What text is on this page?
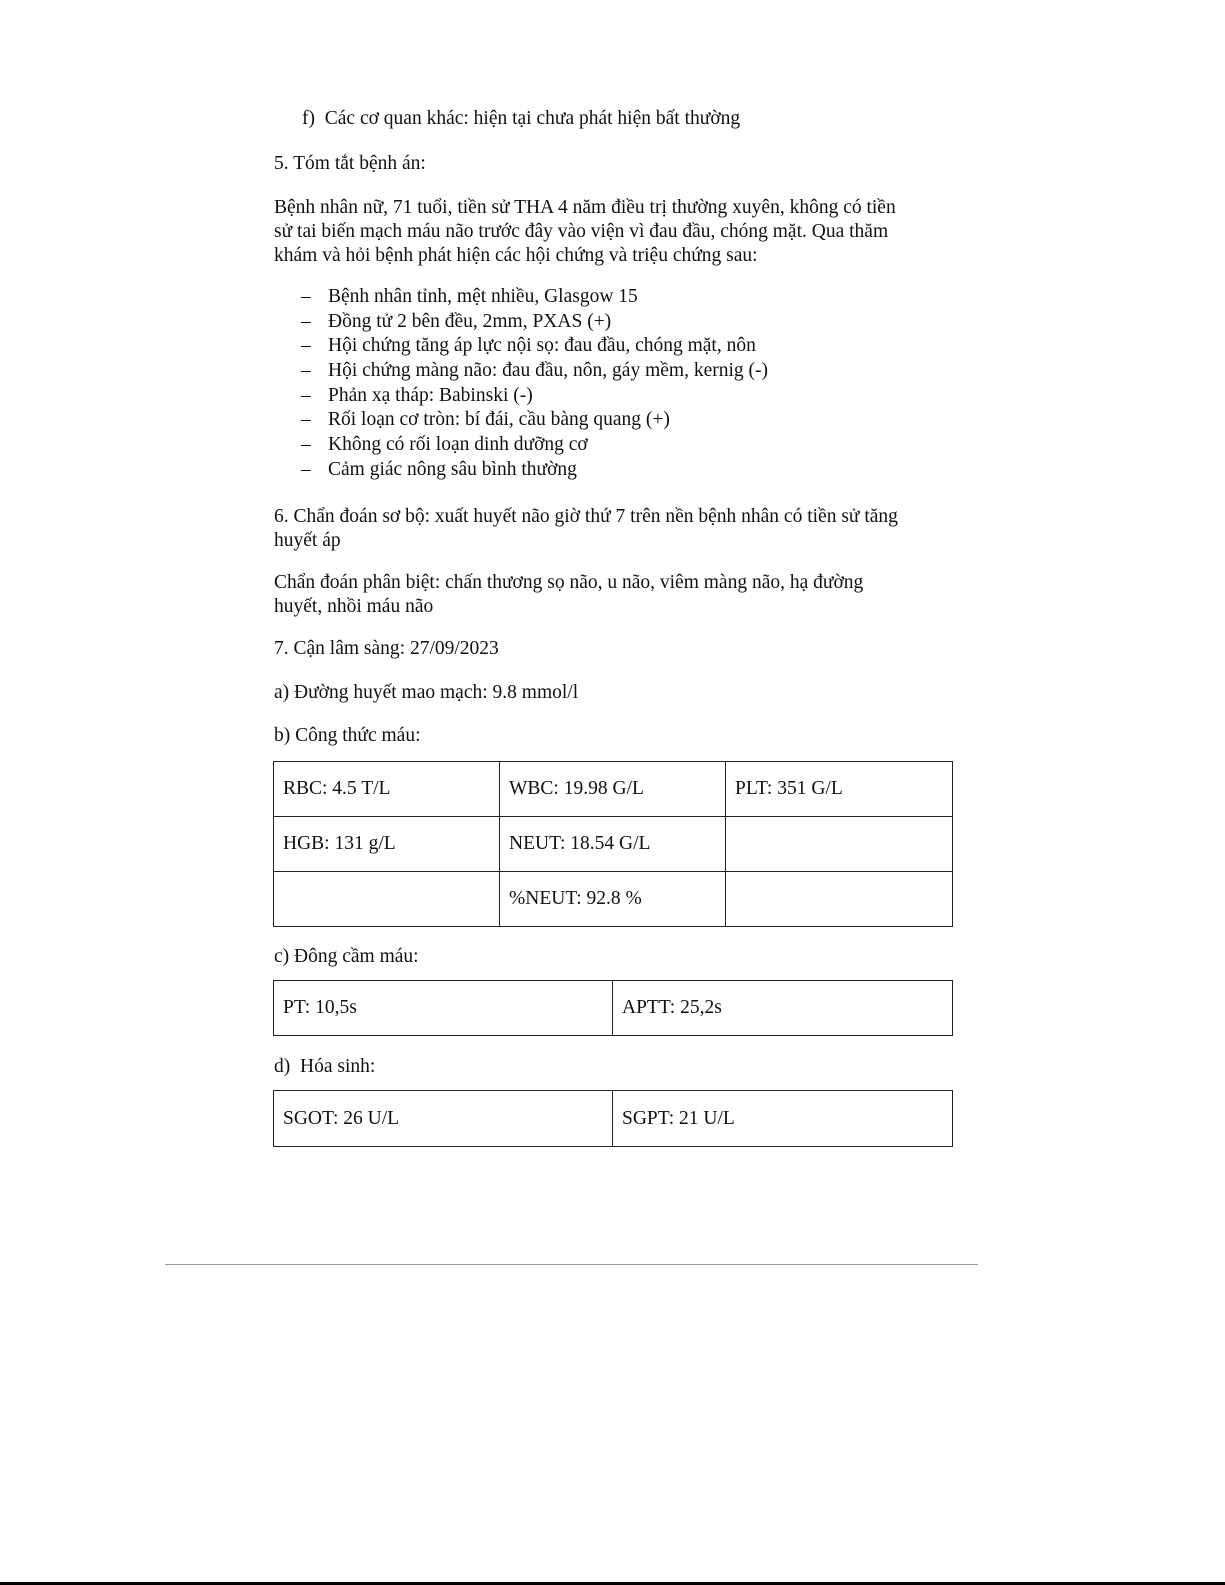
f) Các cơ quan khác: hiện tại chưa phát hiện bất thường

5. Tóm tắt bệnh án:

Bệnh nhân nữ, 71 tuổi, tiền sử THA 4 năm điều trị thường xuyên, không có tiền
sử tai biến mạch máu não trước đây vào viện vì đau đầu, chóng mặt. Qua thăm
khám và hỏi bệnh phát hiện các hội chứng và triệu chứng sau:
– Bệnh nhân tỉnh, mệt nhiều, Glasgow 15
– Đồng tử 2 bên đều, 2mm, PXAS (+)
– Hội chứng tăng áp lực nội sọ: đau đầu, chóng mặt, nôn
– Hội chứng màng não: đau đầu, nôn, gáy mềm, kernig (-)
– Phản xạ tháp: Babinski (-)
– Rối loạn cơ tròn: bí đái, cầu bàng quang (+)
– Không có rối loạn dinh dưỡng cơ
– Cảm giác nông sâu bình thường
6. Chẩn đoán sơ bộ: xuất huyết não giờ thứ 7 trên nền bệnh nhân có tiền sử tăng
huyết áp
Chẩn đoán phân biệt: chấn thương sọ não, u não, viêm màng não, hạ đường
huyết, nhồi máu não

7. Cận lâm sàng: 27/09/2023

a) Đường huyết mao mạch: 9.8 mmol/l

b) Công thức máu:

RBC: 4.5 T/L	WBC: 19.98 G/L	PLT: 351 G/L
HGB: 131 g/L	NEUT: 18.54 G/L	
	%NEUT: 92.8 %	

c) Đông cầm máu:

PT: 10,5s	APTT: 25,2s

d) Hóa sinh:

SGOT: 26 U/L	SGPT: 21 U/L
